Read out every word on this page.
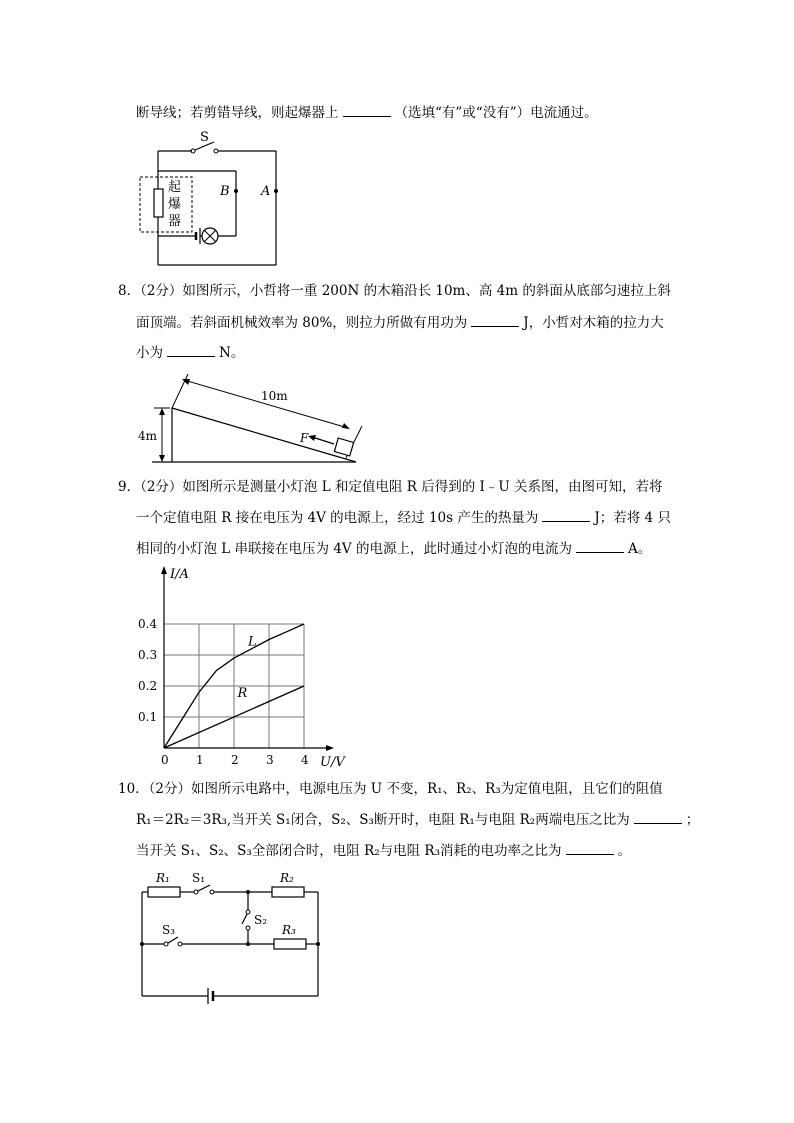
断导线；若剪错导线，则起爆器上	（选填“有”或“没有”）电流通过。
S
A
B
起
爆
器
8．（2分）如图所示，小哲将一重 200N 的木箱沿长 10m、高 4m 的斜面从底部匀速拉上斜
面顶端。若斜面机械效率为 80%，则拉力所做有用功为	J，小哲对木箱的拉力大
小为	N。
4m
10m
F
9．（2分）如图所示是测量小灯泡 L 和定值电阻 R 后得到的 I﹣U 关系图，由图可知，若将
一个定值电阻 R 接在电压为 4V 的电源上，经过 10s 产生的热量为	J；若将 4 只
相同的小灯泡 L 串联接在电压为 4V 的电源上，此时通过小灯泡的电流为	A。
I/A
U/V
0 1 2 3 4
0.1
0.2
0.3
0.4
L
R
10．（2分）如图所示电路中，电源电压为 U 不变，R₁、R₂、R₃为定值电阻，且它们的阻值
R₁＝2R₂＝3R₃,当开关 S₁闭合，S₂、S₃断开时，电阻 R₁与电阻 R₂两端电压之比为	；
当开关 S₁、S₂、S₃全部闭合时，电阻 R₂与电阻 R₃消耗的电功率之比为	。
R₁ S₁	R₂
S₂
S₃	R₃
